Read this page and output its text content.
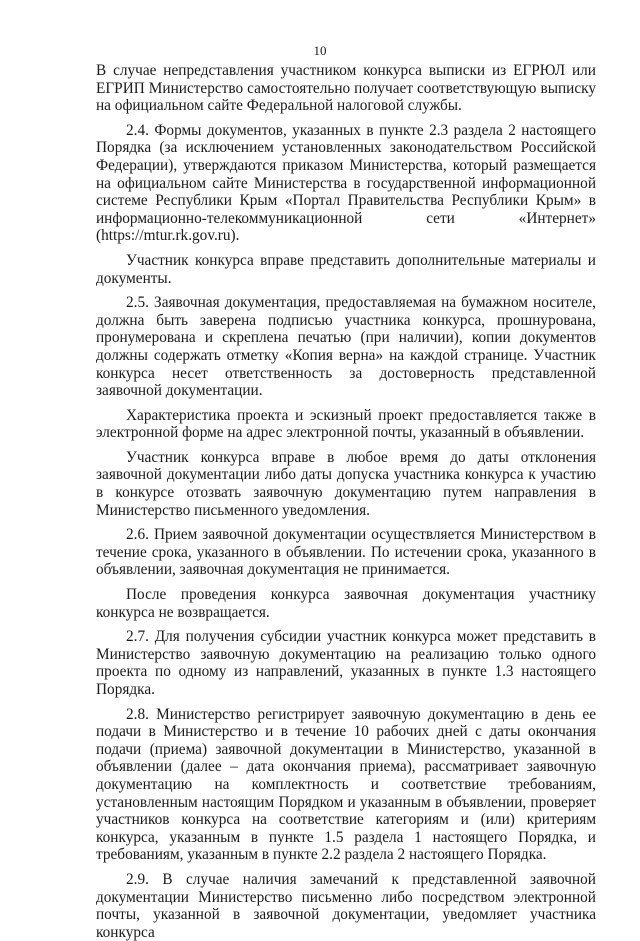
10

В случае непредставления участником конкурса выписки из ЕГРЮЛ или ЕГРИП Министерство самостоятельно получает соответствующую выписку на официальном сайте Федеральной налоговой службы.

2.4. Формы документов, указанных в пункте 2.3 раздела 2 настоящего Порядка (за исключением установленных законодательством Российской Федерации), утверждаются приказом Министерства, который размещается на официальном сайте Министерства в государственной информационной системе Республики Крым «Портал Правительства Республики Крым» в информационно-телекоммуникационной сети «Интернет» (https://mtur.rk.gov.ru).

Участник конкурса вправе представить дополнительные материалы и документы.

2.5. Заявочная документация, предоставляемая на бумажном носителе, должна быть заверена подписью участника конкурса, прошнурована, пронумерована и скреплена печатью (при наличии), копии документов должны содержать отметку «Копия верна» на каждой странице. Участник конкурса несет ответственность за достоверность представленной заявочной документации.

Характеристика проекта и эскизный проект предоставляется также в электронной форме на адрес электронной почты, указанный в объявлении.

Участник конкурса вправе в любое время до даты отклонения заявочной документации либо даты допуска участника конкурса к участию в конкурсе отозвать заявочную документацию путем направления в Министерство письменного уведомления.

2.6. Прием заявочной документации осуществляется Министерством в течение срока, указанного в объявлении. По истечении срока, указанного в объявлении, заявочная документация не принимается.

После проведения конкурса заявочная документация участнику конкурса не возвращается.

2.7. Для получения субсидии участник конкурса может представить в Министерство заявочную документацию на реализацию только одного проекта по одному из направлений, указанных в пункте 1.3 настоящего Порядка.

2.8. Министерство регистрирует заявочную документацию в день ее подачи в Министерство и в течение 10 рабочих дней с даты окончания подачи (приема) заявочной документации в Министерство, указанной в объявлении (далее – дата окончания приема), рассматривает заявочную документацию на комплектность и соответствие требованиям, установленным настоящим Порядком и указанным в объявлении, проверяет участников конкурса на соответствие категориям и (или) критериям конкурса, указанным в пункте 1.5 раздела 1 настоящего Порядка, и требованиям, указанным в пункте 2.2 раздела 2 настоящего Порядка.

2.9. В случае наличия замечаний к представленной заявочной документации Министерство письменно либо посредством электронной почты, указанной в заявочной документации, уведомляет участника конкурса
